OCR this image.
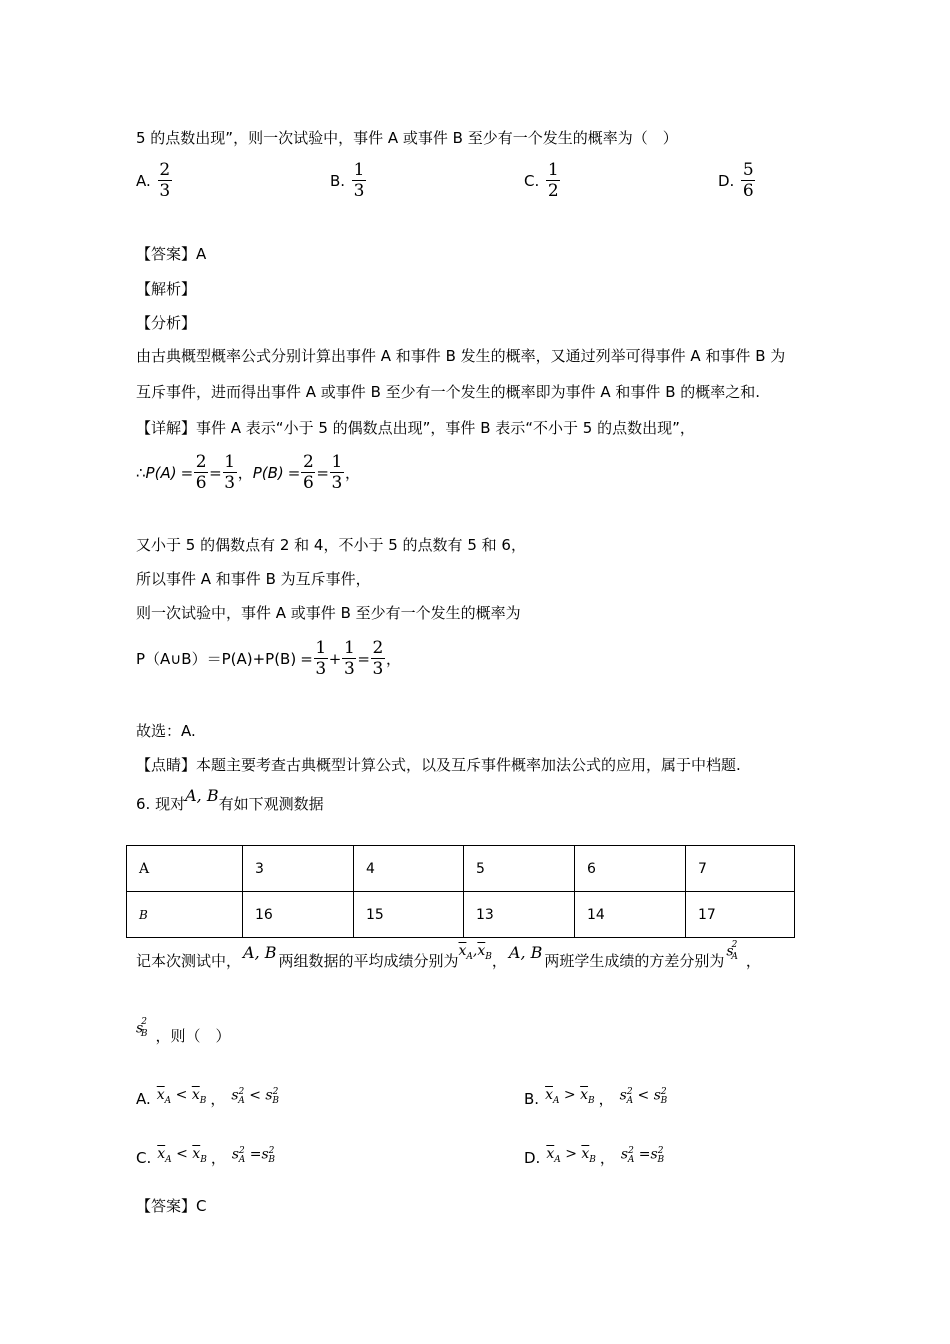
5 的点数出现”，则一次试验中，事件 A 或事件 B 至少有一个发生的概率为（　）
A. $\frac{2}{3}$	B. $\frac{1}{3}$	C. $\frac{1}{2}$	D. $\frac{5}{6}$
【答案】A
【解析】
【分析】
由古典概型概率公式分别计算出事件 A 和事件 B 发生的概率，又通过列举可得事件 A 和事件 B 为
互斥事件，进而得出事件 A 或事件 B 至少有一个发生的概率即为事件 A 和事件 B 的概率之和.
【详解】事件 A 表示“小于 5 的偶数点出现”，事件 B 表示“不小于 5 的点数出现”，
∴P(A) = $\frac{2}{6} = \frac{1}{3}$ ， $P(B) = \frac{2}{6} = \frac{1}{3}$ ，
又小于 5 的偶数点有 2 和 4，不小于 5 的点数有 5 和 6，
所以事件 A 和事件 B 为互斥事件，
则一次试验中，事件 A 或事件 B 至少有一个发生的概率为
P（A∪B）＝P(A)+P(B) = $\frac{1}{3} + \frac{1}{3} = \frac{2}{3}$ ，
故选：A.
【点睛】本题主要考查古典概型计算公式，以及互斥事件概率加法公式的应用，属于中档题.
6. 现对 A, B 有如下观测数据
A	3	4	5	6	7
B	16	15	13	14	17
记本次测试中， A, B 两组数据的平均成绩分别为
$\overline{x}_A,\overline{x}_B$ ， A, B 两班学生成绩的方差分别为
$s^2_A$ ，
$s^2_B$ ，则（　）
A. $\overline{x}_A < \overline{x}_B$ ， $s^2_A < s^2_B$	B. $\overline{x}_A > \overline{x}_B$ ， $s^2_A < s^2_B$
C. $\overline{x}_A < \overline{x}_B$ ， $s^2_A =s^2_B$	D. $\overline{x}_A > \overline{x}_B$ ， $s^2_A =s^2_B$
【答案】C
